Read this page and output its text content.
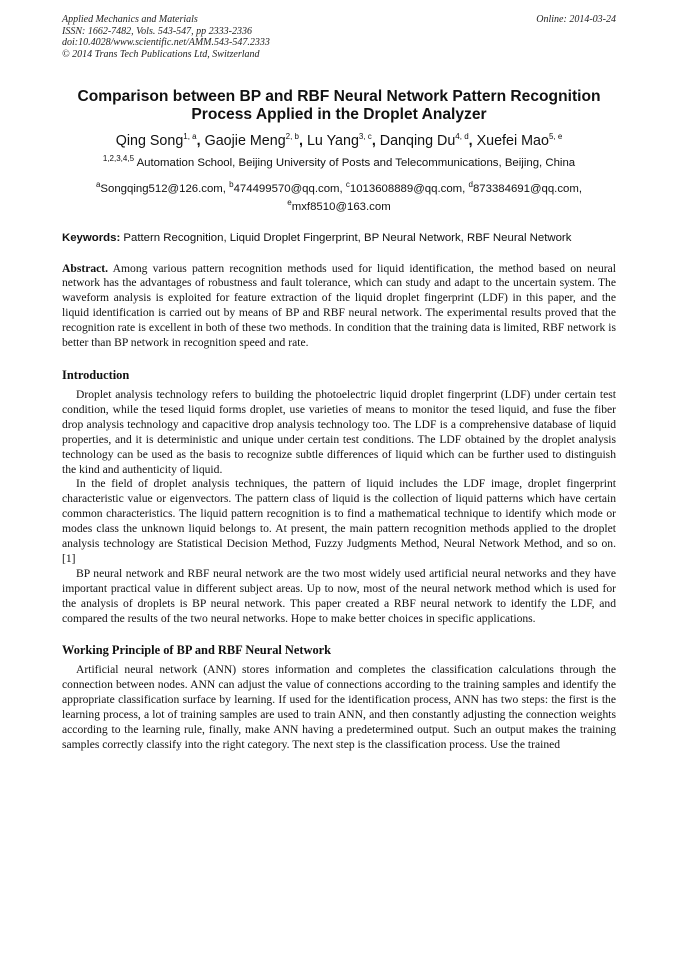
Applied Mechanics and Materials
ISSN: 1662-7482, Vols. 543-547, pp 2333-2336
doi:10.4028/www.scientific.net/AMM.543-547.2333
© 2014 Trans Tech Publications Ltd, Switzerland
Online: 2014-03-24
Comparison between BP and RBF Neural Network Pattern Recognition Process Applied in the Droplet Analyzer
Qing Song$^{1, a}$, Gaojie Meng$^{2, b}$, Lu Yang$^{3, c}$, Danqing Du$^{4, d}$, Xuefei Mao$^{5, e}$
$^{1,2,3,4,5}$ Automation School, Beijing University of Posts and Telecommunications, Beijing, China
$^a$Songqing512@126.com, $^b$474499570@qq.com, $^c$1013608889@qq.com, $^d$873384691@qq.com,
$^e$mxf8510@163.com
Keywords: Pattern Recognition, Liquid Droplet Fingerprint, BP Neural Network, RBF Neural Network

Abstract. Among various pattern recognition methods used for liquid identification, the method based on neural network has the advantages of robustness and fault tolerance, which can study and adapt to the uncertain system. The waveform analysis is exploited for feature extraction of the liquid droplet fingerprint (LDF) in this paper, and the liquid identification is carried out by means of BP and RBF neural network. The experimental results proved that the recognition rate is excellent in both of these two methods. In condition that the training data is limited, RBF network is better than BP network in recognition speed and rate.

Introduction

Droplet analysis technology refers to building the photoelectric liquid droplet fingerprint (LDF) under certain test condition, while the tesed liquid forms droplet, use varieties of means to monitor the tesed liquid, and fuse the fiber drop analysis technology and capacitive drop analysis technology too. The LDF is a comprehensive database of liquid properties, and it is deterministic and unique under certain test conditions. The LDF obtained by the droplet analysis technology can be used as the basis to recognize subtle differences of liquid which can be further used to distinguish the kind and authenticity of liquid.

In the field of droplet analysis techniques, the pattern of liquid includes the LDF image, droplet fingerprint characteristic value or eigenvectors. The pattern class of liquid is the collection of liquid patterns which have certain common characteristics. The liquid pattern recognition is to find a mathematical technique to identify which mode or modes class the unknown liquid belongs to. At present, the main pattern recognition methods applied to the droplet analysis technology are Statistical Decision Method, Fuzzy Judgments Method, Neural Network Method, and so on. [1]

BP neural network and RBF neural network are the two most widely used artificial neural networks and they have important practical value in different subject areas. Up to now, most of the neural network method which is used for the analysis of droplets is BP neural network. This paper created a RBF neural network to identify the LDF, and compared the results of the two neural networks. Hope to make better choices in specific applications.

Working Principle of BP and RBF Neural Network

Artificial neural network (ANN) stores information and completes the classification calculations through the connection between nodes. ANN can adjust the value of connections according to the training samples and identify the appropriate classification surface by learning. If used for the identification process, ANN has two steps: the first is the learning process, a lot of training samples are used to train ANN, and then constantly adjusting the connection weights according to the learning rule, finally, make ANN having a predetermined output. Such an output makes the training samples correctly classify into the right category. The next step is the classification process. Use the trained
